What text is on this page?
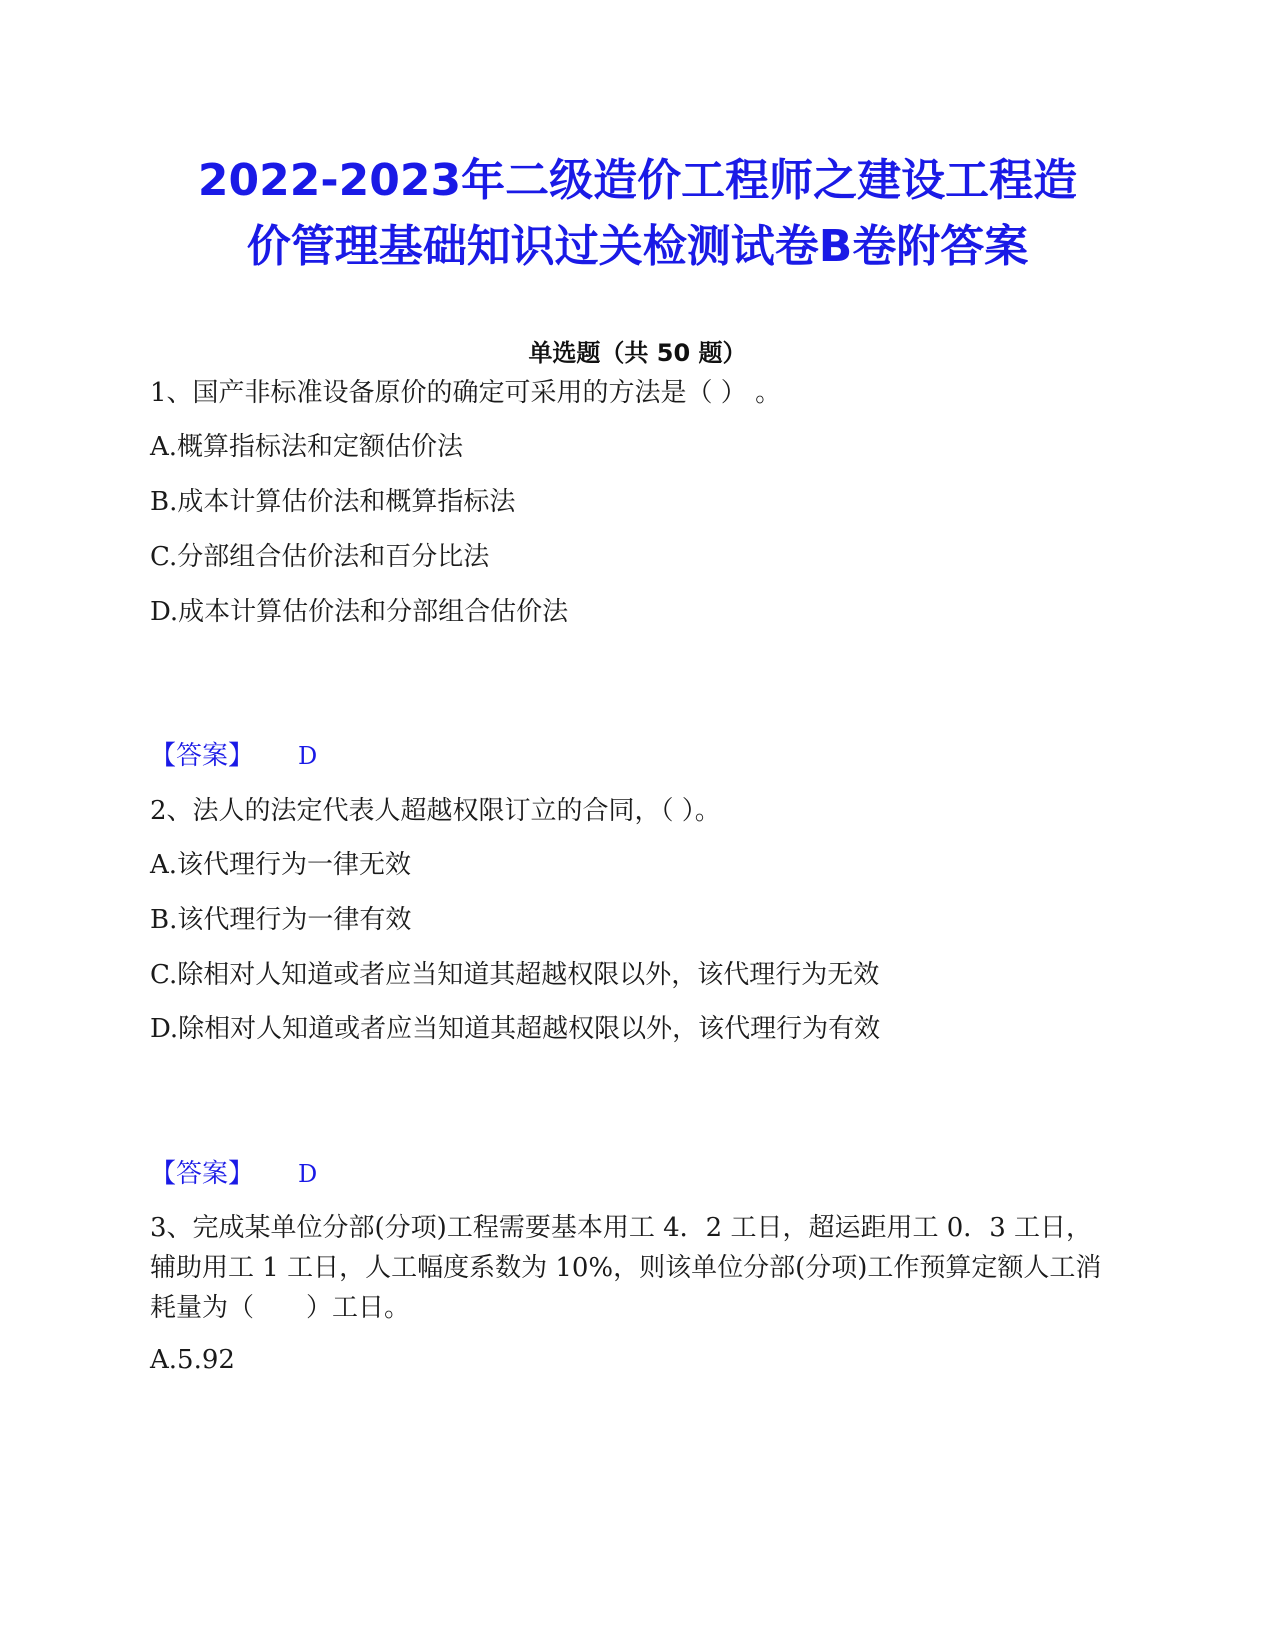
2022-2023年二级造价工程师之建设工程造
价管理基础知识过关检测试卷B卷附答案
单选题（共 50 题）
1、国产非标准设备原价的确定可采用的方法是（ ） 。
A.概算指标法和定额估价法
B.成本计算估价法和概算指标法
C.分部组合估价法和百分比法
D.成本计算估价法和分部组合估价法
【答案】 D
2、法人的法定代表人超越权限订立的合同，（ ）。
A.该代理行为一律无效
B.该代理行为一律有效
C.除相对人知道或者应当知道其超越权限以外，该代理行为无效
D.除相对人知道或者应当知道其超越权限以外，该代理行为有效
【答案】 D
3、完成某单位分部(分项)工程需要基本用工 4．2 工日，超运距用工 0．3 工日，辅助用工 1 工日，人工幅度系数为 10%，则该单位分部(分项)工作预算定额人工消耗量为（　　）工日。
A.5.92
